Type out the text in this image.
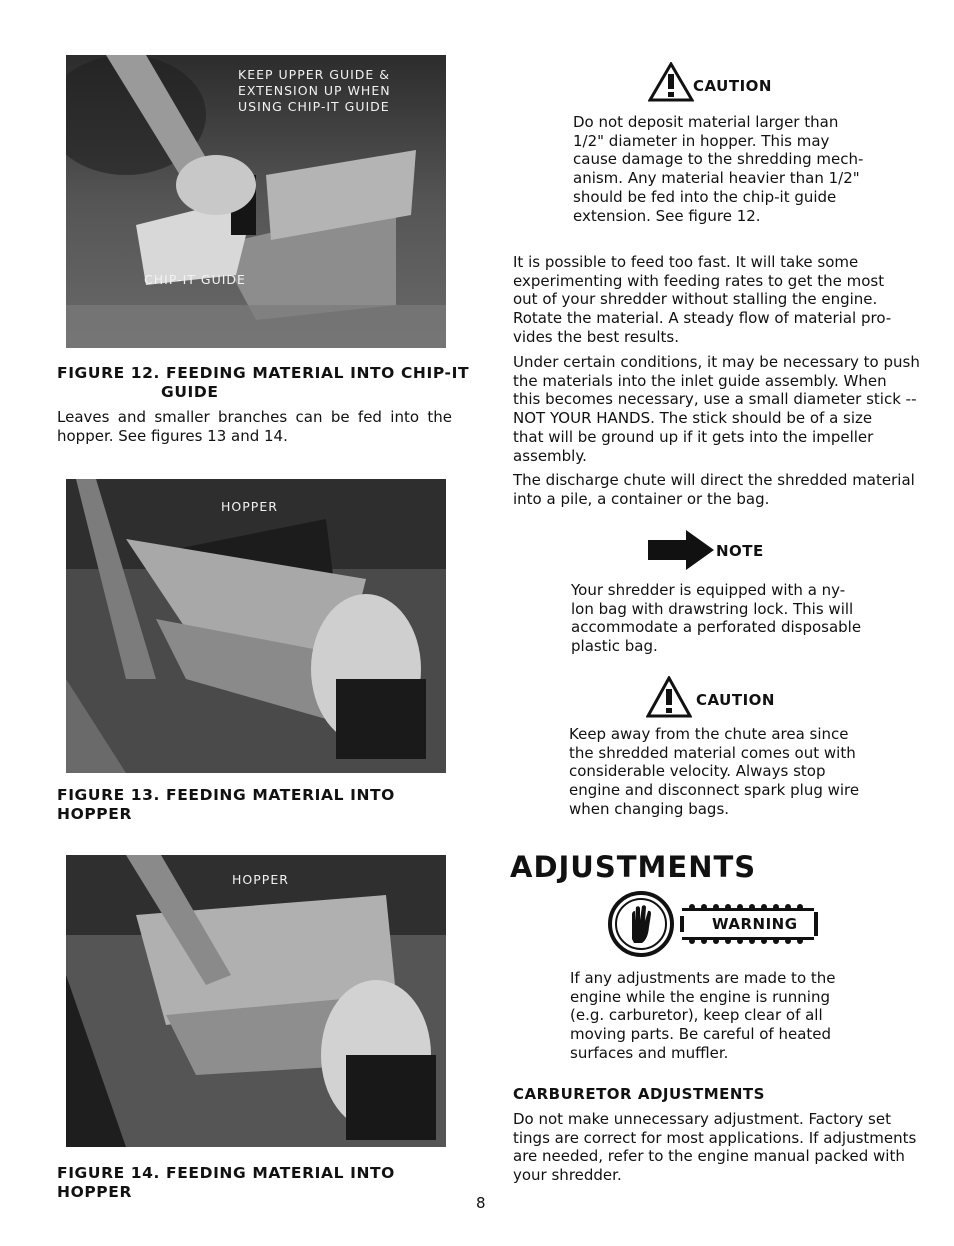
KEEP UPPER GUIDE &
EXTENSION UP WHEN
USING CHIP-IT GUIDE
CHIP-IT GUIDE
FIGURE 12. FEEDING MATERIAL INTO CHIP-IT
GUIDE
Leaves and smaller branches can be fed into the
hopper. See figures 13 and 14.
HOPPER
FIGURE 13. FEEDING MATERIAL INTO HOPPER
HOPPER
FIGURE 14. FEEDING MATERIAL INTO HOPPER
CAUTION
Do not deposit material larger than
1/2" diameter in hopper. This may
cause damage to the shredding mech-
anism. Any material heavier than 1/2"
should be fed into the chip-it guide
extension. See figure 12.
It is possible to feed too fast. It will take some
experimenting with feeding rates to get the most
out of your shredder without stalling the engine.
Rotate the material. A steady flow of material pro-
vides the best results.
Under certain conditions, it may be necessary to push
the materials into the inlet guide assembly. When
this becomes necessary, use a small diameter stick --
NOT YOUR HANDS. The stick should be of a size
that will be ground up if it gets into the impeller
assembly.
The discharge chute will direct the shredded material
into a pile, a container or the bag.
NOTE
Your shredder is equipped with a ny-
lon bag with drawstring lock. This will
accommodate a perforated disposable
plastic bag.
CAUTION
Keep away from the chute area since
the shredded material comes out with
considerable velocity. Always stop
engine and disconnect spark plug wire
when changing bags.
ADJUSTMENTS
WARNING
If any adjustments are made to the
engine while the engine is running
(e.g. carburetor), keep clear of all
moving parts. Be careful of heated
surfaces and muffler.
CARBURETOR ADJUSTMENTS
Do not make unnecessary adjustment. Factory set
tings are correct for most applications. If adjustments
are needed, refer to the engine manual packed with
your shredder.
8
